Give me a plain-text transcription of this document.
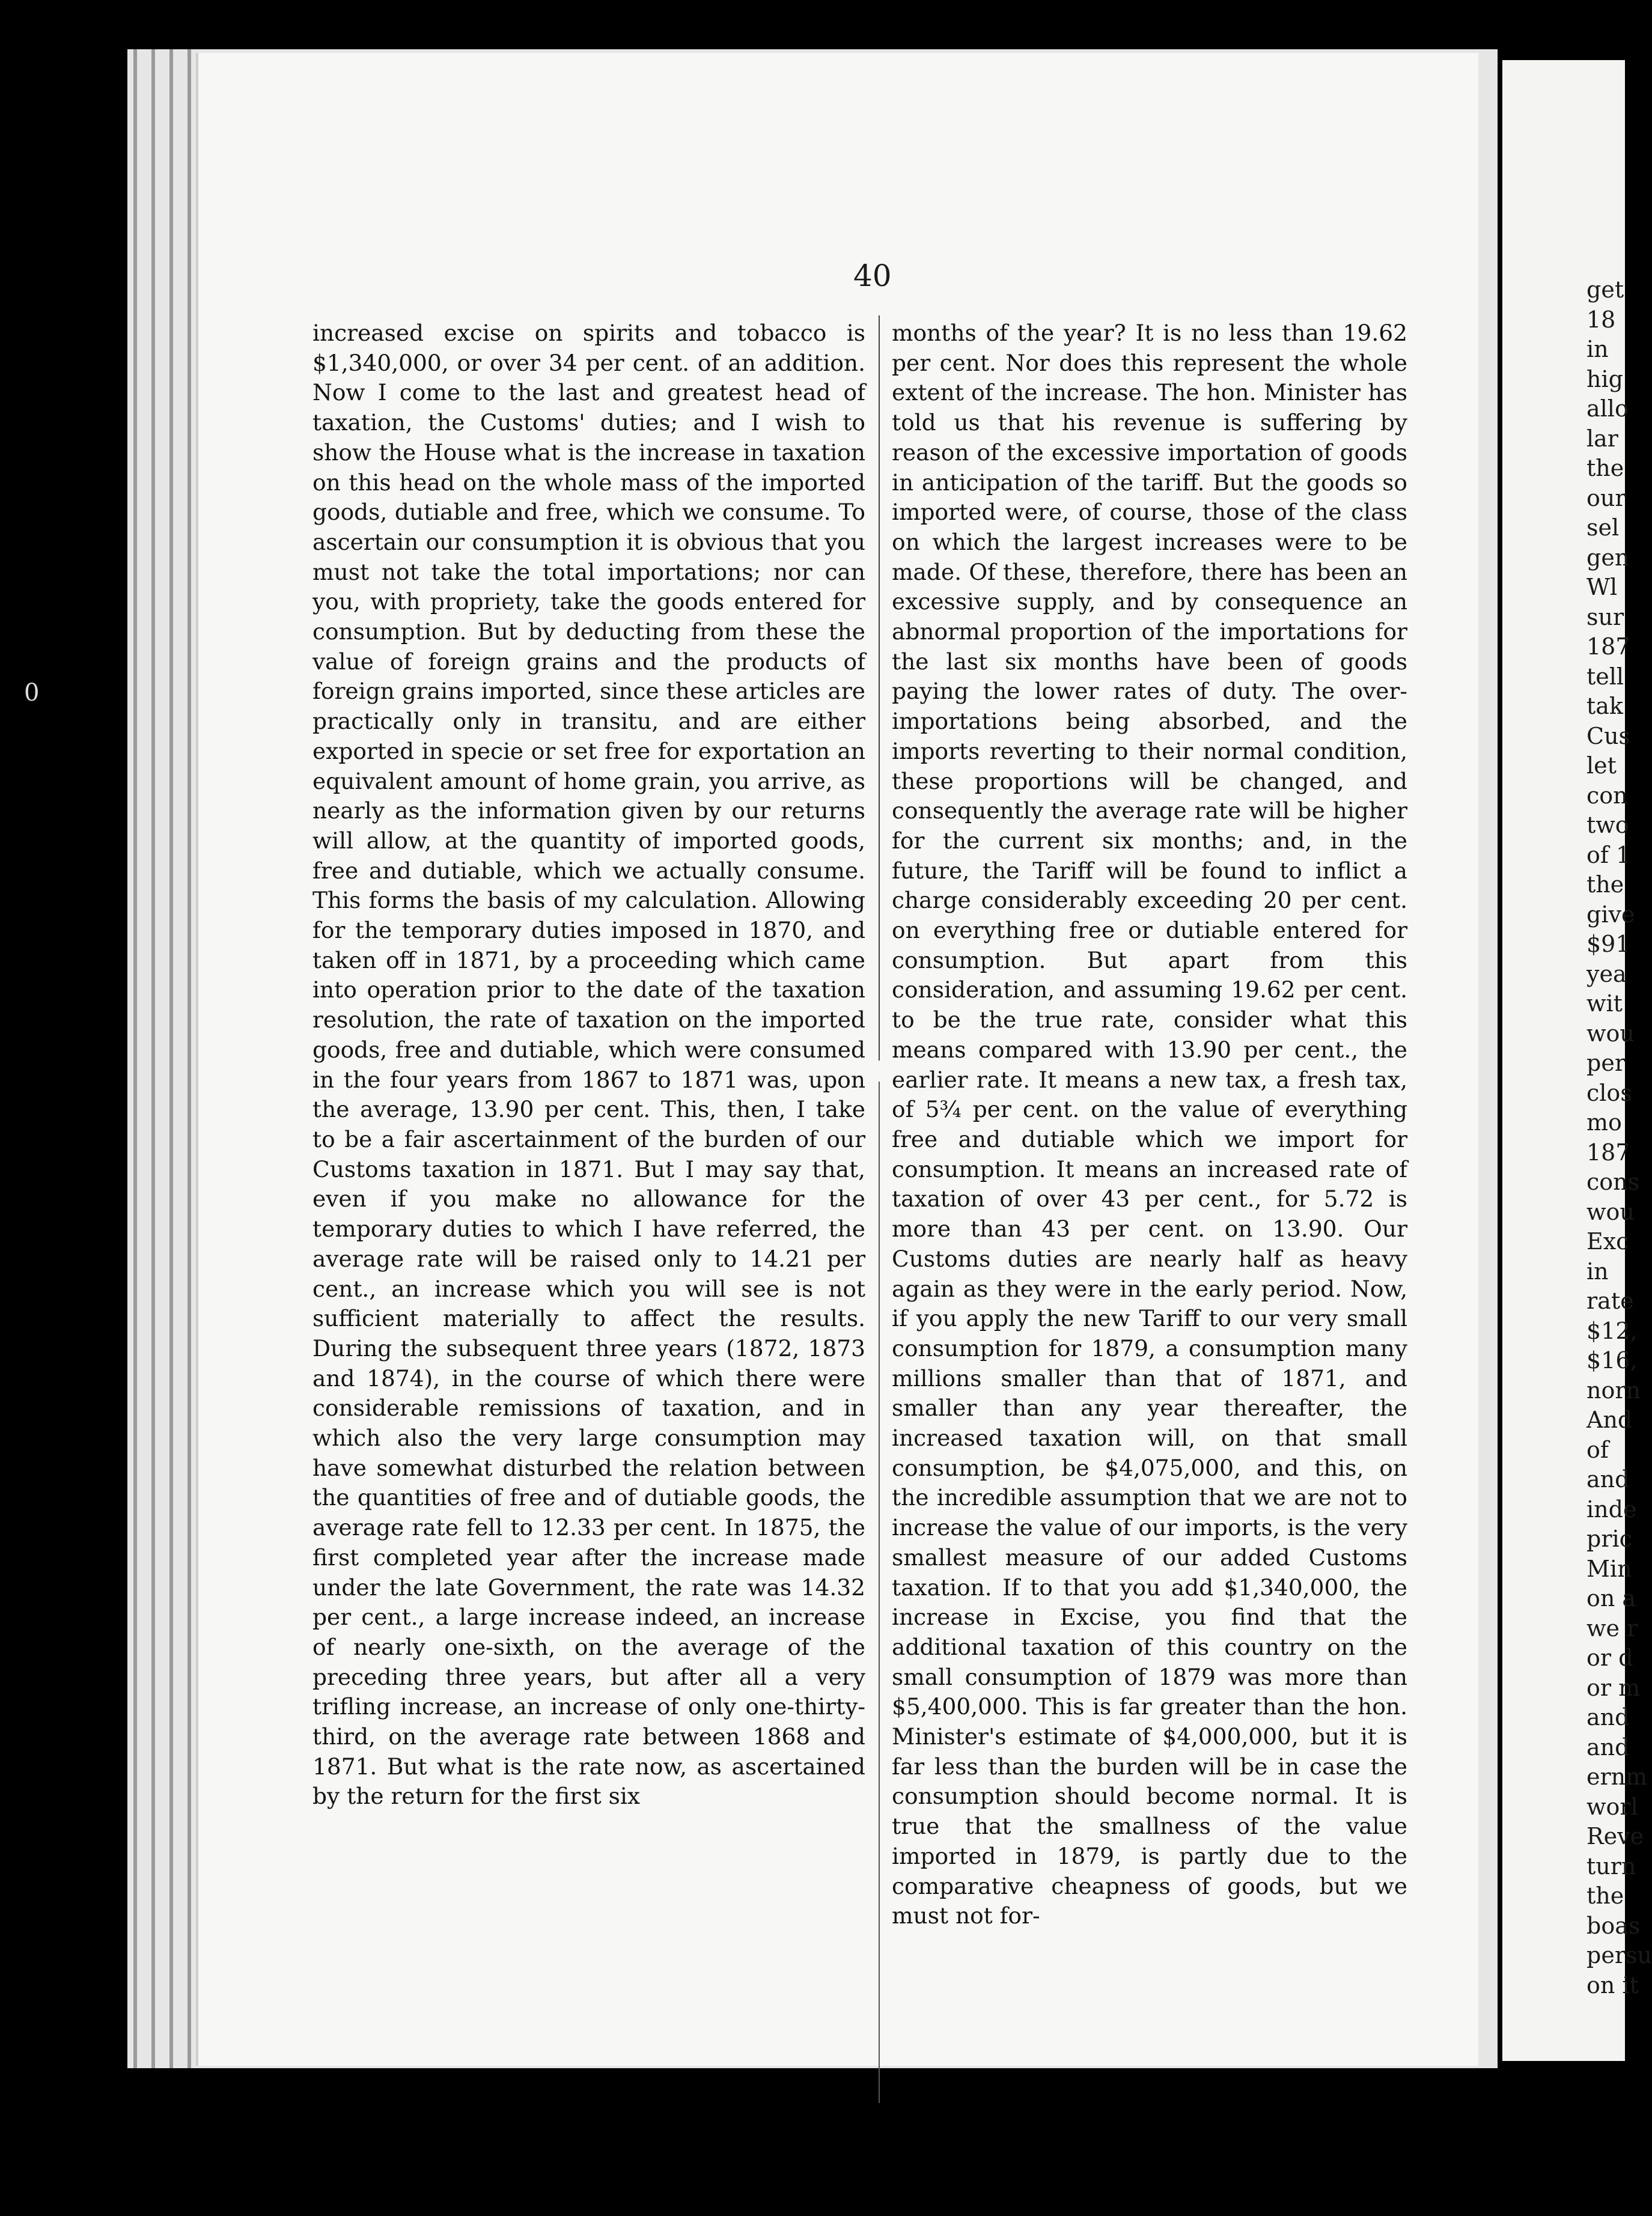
0
40
increased excise on spirits and tobacco is $1,340,000, or over 34 per cent. of an addition. Now I come to the last and greatest head of taxation, the Customs' duties; and I wish to show the House what is the increase in taxation on this head on the whole mass of the imported goods, dutiable and free, which we consume. To ascertain our consumption it is obvious that you must not take the total importations; nor can you, with propriety, take the goods entered for consumption. But by deducting from these the value of foreign grains and the products of foreign grains imported, since these articles are practically only in transitu, and are either exported in specie or set free for exportation an equivalent amount of home grain, you arrive, as nearly as the information given by our returns will allow, at the quantity of imported goods, free and dutiable, which we actually consume. This forms the basis of my calculation. Allowing for the temporary duties imposed in 1870, and taken off in 1871, by a proceeding which came into operation prior to the date of the taxation resolution, the rate of taxation on the imported goods, free and dutiable, which were consumed in the four years from 1867 to 1871 was, upon the average, 13.90 per cent. This, then, I take to be a fair ascertainment of the burden of our Customs taxation in 1871. But I may say that, even if you make no allowance for the temporary duties to which I have referred, the average rate will be raised only to 14.21 per cent., an increase which you will see is not sufficient materially to affect the results. During the subsequent three years (1872, 1873 and 1874), in the course of which there were considerable remissions of taxation, and in which also the very large consumption may have somewhat disturbed the relation between the quantities of free and of dutiable goods, the average rate fell to 12.33 per cent. In 1875, the first completed year after the increase made under the late Government, the rate was 14.32 per cent., a large increase indeed, an increase of nearly one-sixth, on the average of the preceding three years, but after all a very trifling increase, an increase of only one-thirty-third, on the average rate between 1868 and 1871. But what is the rate now, as ascertained by the return for the first six
months of the year? It is no less than 19.62 per cent. Nor does this represent the whole extent of the increase. The hon. Minister has told us that his revenue is suffering by reason of the excessive importation of goods in anticipation of the tariff. But the goods so imported were, of course, those of the class on which the largest increases were to be made. Of these, therefore, there has been an excessive supply, and by consequence an abnormal proportion of the importations for the last six months have been of goods paying the lower rates of duty. The over-importations being absorbed, and the imports reverting to their normal condition, these proportions will be changed, and consequently the average rate will be higher for the current six months; and, in the future, the Tariff will be found to inflict a charge considerably exceeding 20 per cent. on everything free or dutiable entered for consumption. But apart from this consideration, and assuming 19.62 per cent. to be the true rate, consider what this means compared with 13.90 per cent., the earlier rate. It means a new tax, a fresh tax, of 5¾ per cent. on the value of everything free and dutiable which we import for consumption. It means an increased rate of taxation of over 43 per cent., for 5.72 is more than 43 per cent. on 13.90. Our Customs duties are nearly half as heavy again as they were in the early period. Now, if you apply the new Tariff to our very small consumption for 1879, a consumption many millions smaller than that of 1871, and smaller than any year thereafter, the increased taxation will, on that small consumption, be $4,075,000, and this, on the incredible assumption that we are not to increase the value of our imports, is the very smallest measure of our added Customs taxation. If to that you add $1,340,000, the increase in Excise, you find that the additional taxation of this country on the small consumption of 1879 was more than $5,400,000. This is far greater than the hon. Minister's estimate of $4,000,000, but it is far less than the burden will be in case the consumption should become normal. It is true that the smallness of the value imported in 1879, is partly due to the comparative cheapness of goods, but we must not for-
get
18
in
hig
allo
lar
the
our
sel
gen
Wl
sur
187
tell
tak
Cus
let
con
two
of 1
the
give
$91
yea
wit
wou
per
clos
mo
187
cons
wou
Exc
in
rate
$12,
$16,
norn
And
of
and
inde
pric
Min
on a
we r
or d
or m
and
and
ernm
worl
Reve
turn
the
boas
persu
on it
